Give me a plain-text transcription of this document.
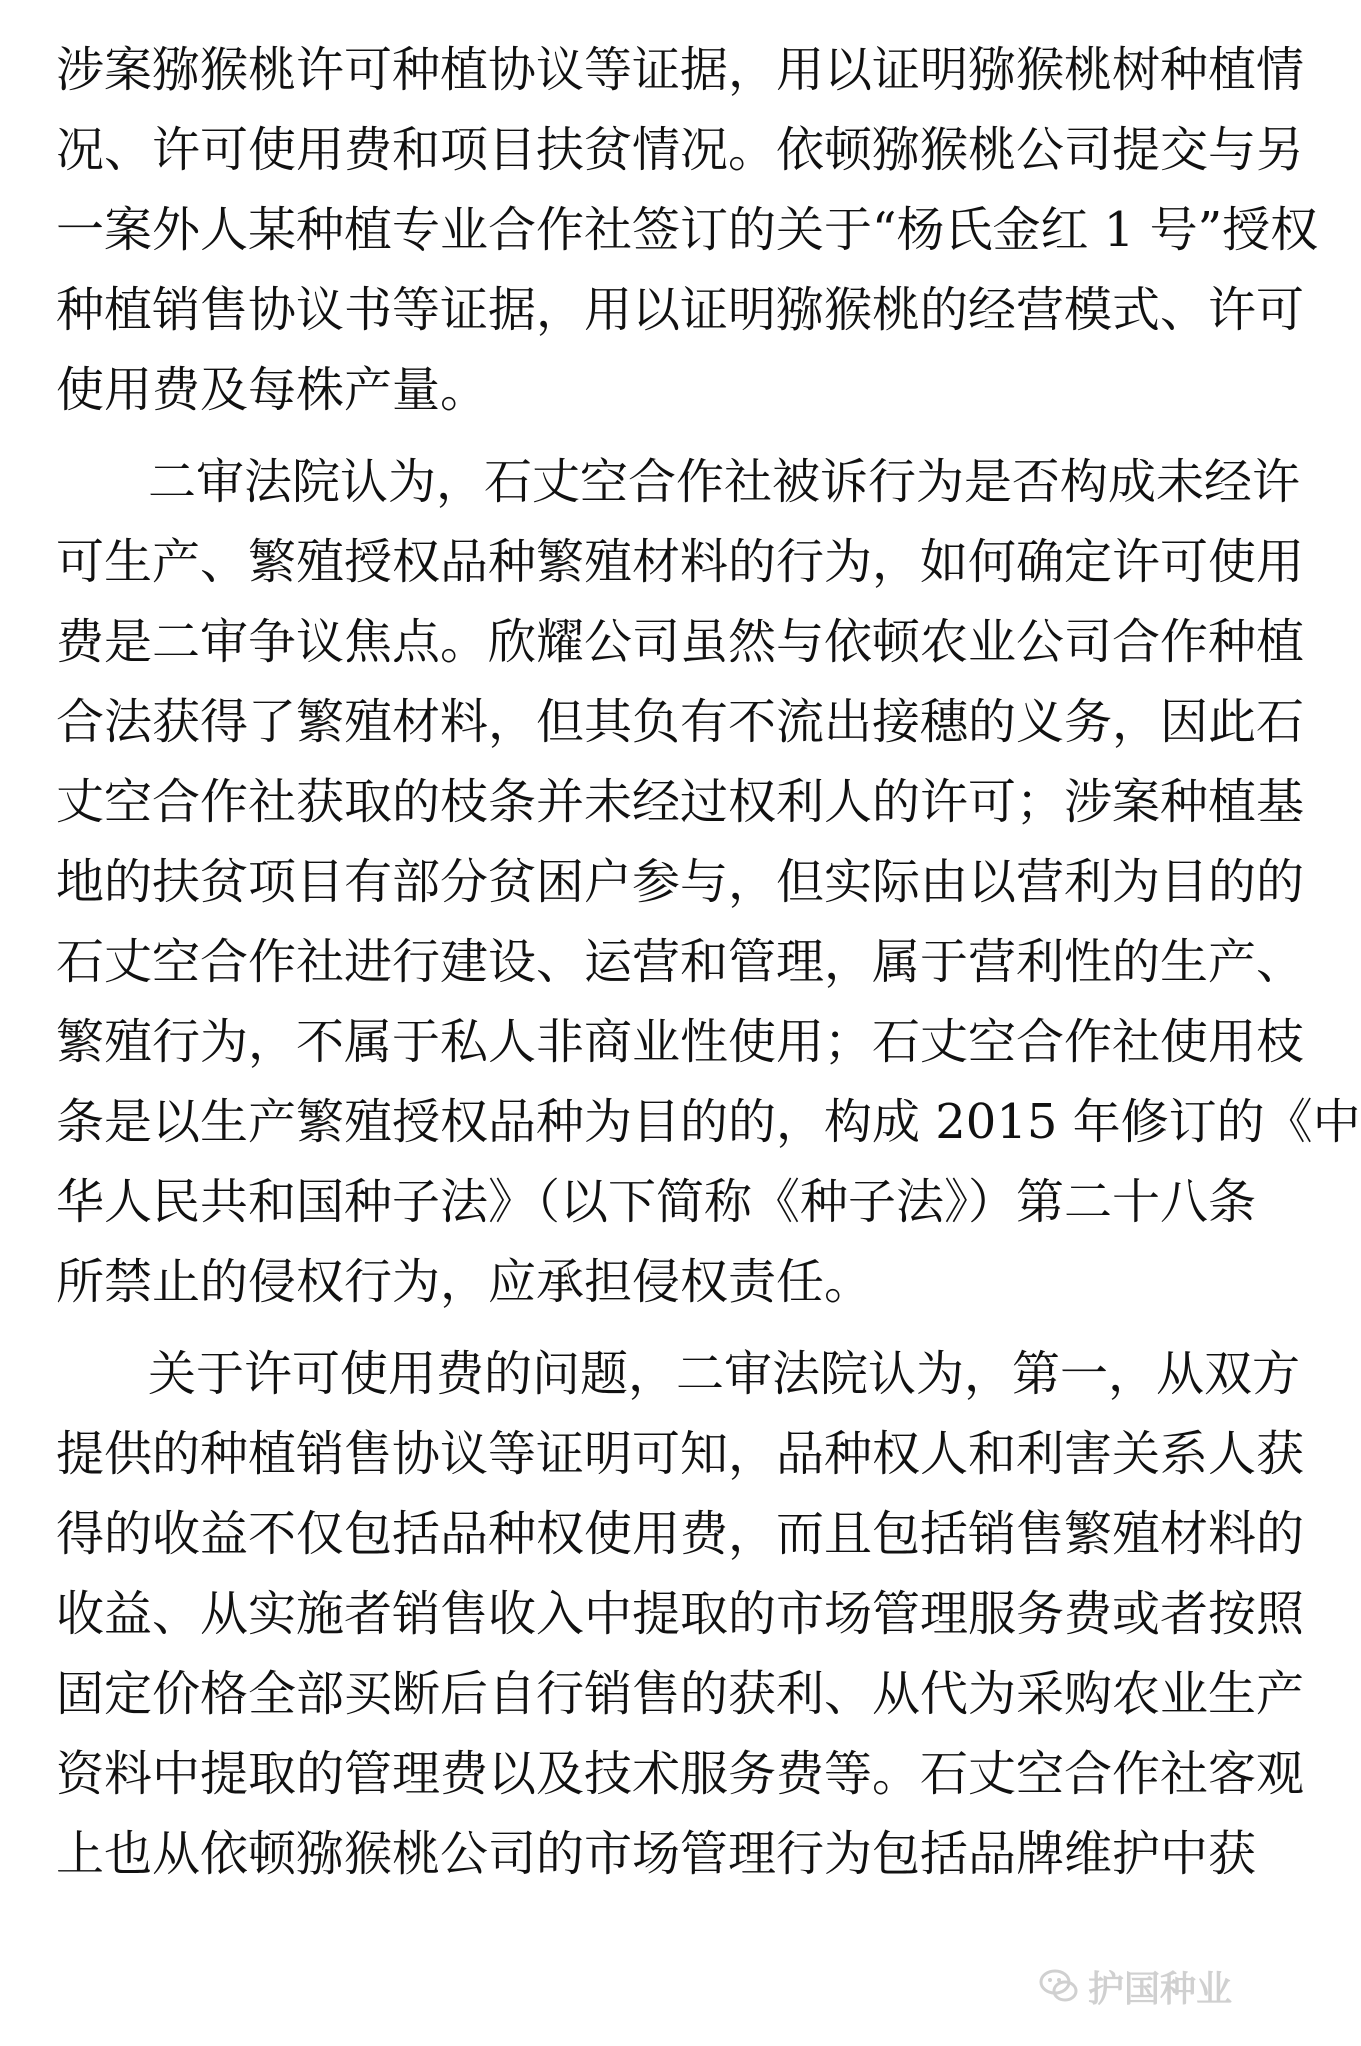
涉案猕猴桃许可种植协议等证据，用以证明猕猴桃树种植情
况、许可使用费和项目扶贫情况。依顿猕猴桃公司提交与另
一案外人某种植专业合作社签订的关于“杨氏金红 1 号”授权
种植销售协议书等证据，用以证明猕猴桃的经营模式、许可
使用费及每株产量。
二审法院认为，石丈空合作社被诉行为是否构成未经许
可生产、繁殖授权品种繁殖材料的行为，如何确定许可使用
费是二审争议焦点。欣耀公司虽然与依顿农业公司合作种植
合法获得了繁殖材料，但其负有不流出接穗的义务，因此石
丈空合作社获取的枝条并未经过权利人的许可；涉案种植基
地的扶贫项目有部分贫困户参与，但实际由以营利为目的的
石丈空合作社进行建设、运营和管理，属于营利性的生产、
繁殖行为，不属于私人非商业性使用；石丈空合作社使用枝
条是以生产繁殖授权品种为目的的，构成 2015 年修订的《中
华人民共和国种子法》（以下简称《种子法》）第二十八条
所禁止的侵权行为，应承担侵权责任。
关于许可使用费的问题，二审法院认为，第一，从双方
提供的种植销售协议等证明可知，品种权人和利害关系人获
得的收益不仅包括品种权使用费，而且包括销售繁殖材料的
收益、从实施者销售收入中提取的市场管理服务费或者按照
固定价格全部买断后自行销售的获利、从代为采购农业生产
资料中提取的管理费以及技术服务费等。石丈空合作社客观
上也从依顿猕猴桃公司的市场管理行为包括品牌维护中获
护国种业
